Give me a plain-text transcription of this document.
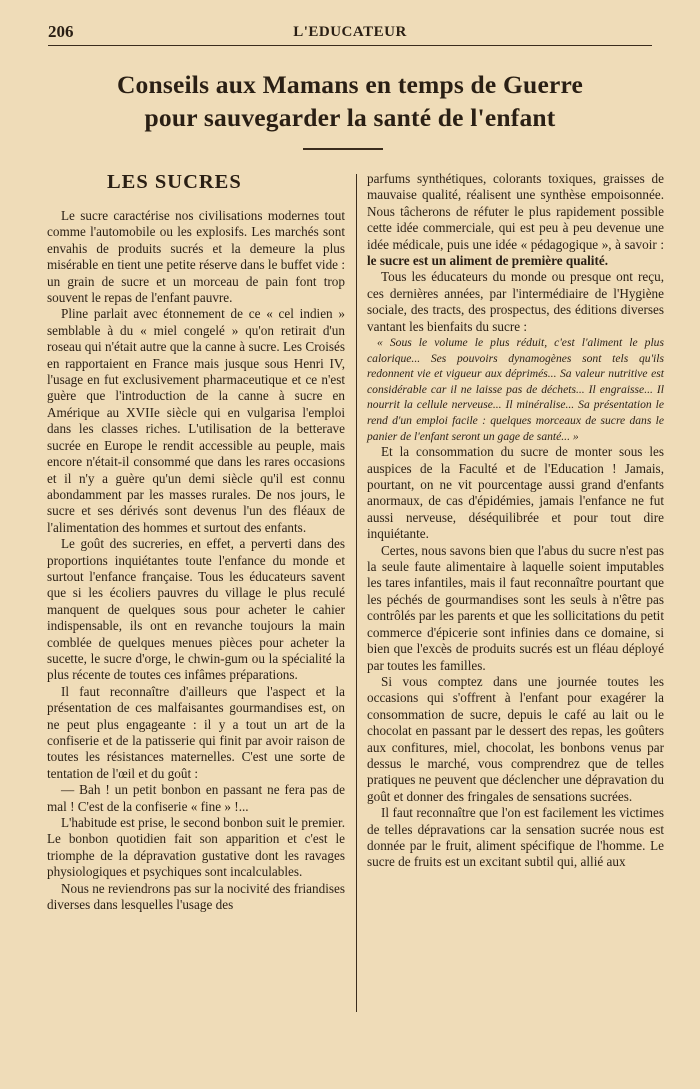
206	L'EDUCATEUR
Conseils aux Mamans en temps de Guerre
pour sauvegarder la santé de l'enfant
LES SUCRES

Le sucre caractérise nos civilisations modernes tout comme l'automobile ou les explosifs. Les marchés sont envahis de produits sucrés et la demeure la plus misérable en tient une petite réserve dans le buffet vide : un grain de sucre et un morceau de pain font trop souvent le repas de l'enfant pauvre.

Pline parlait avec étonnement de ce « cel indien » semblable à du « miel congelé » qu'on retirait d'un roseau qui n'était autre que la canne à sucre. Les Croisés en rapportaient en France mais jusque sous Henri IV, l'usage en fut exclusivement pharmaceutique et ce n'est guère que l'introduction de la canne à sucre en Amérique au XVIIe siècle qui en vulgarisa l'emploi dans les classes riches. L'utilisation de la betterave sucrée en Europe le rendit accessible au peuple, mais encore n'était-il consommé que dans les rares occasions et il n'y a guère qu'un demi siècle qu'il est connu abondamment par les masses rurales. De nos jours, le sucre et ses dérivés sont devenus l'un des fléaux de l'alimentation des hommes et surtout des enfants.

Le goût des sucreries, en effet, a perverti dans des proportions inquiétantes toute l'enfance du monde et surtout l'enfance française. Tous les éducateurs savent que si les écoliers pauvres du village le plus reculé manquent de quelques sous pour acheter le cahier indispensable, ils ont en revanche toujours la main comblée de quelques menues pièces pour acheter la sucette, le sucre d'orge, le chwin-gum ou la spécialité la plus récente de toutes ces infâmes préparations.

Il faut reconnaître d'ailleurs que l'aspect et la présentation de ces malfaisantes gourmandises est, on ne peut plus engageante : il y a tout un art de la confiserie et de la patisserie qui finit par avoir raison de toutes les résistances maternelles. C'est une sorte de tentation de l'œil et du goût :

— Bah ! un petit bonbon en passant ne fera pas de mal ! C'est de la confiserie « fine » !...

L'habitude est prise, le second bonbon suit le premier. Le bonbon quotidien fait son apparition et c'est le triomphe de la dépravation gustative dont les ravages physiologiques et psychiques sont incalculables.

Nous ne reviendrons pas sur la nocivité des friandises diverses dans lesquelles l'usage des

parfums synthétiques, colorants toxiques, graisses de mauvaise qualité, réalisent une synthèse empoisonnée. Nous tâcherons de réfuter le plus rapidement possible cette idée commerciale, qui est peu à peu devenue une idée médicale, puis une idée « pédagogique », à savoir : le sucre est un aliment de première qualité.

Tous les éducateurs du monde ou presque ont reçu, ces dernières années, par l'intermédiaire de l'Hygiène sociale, des tracts, des prospectus, des éditions diverses vantant les bienfaits du sucre :

« Sous le volume le plus réduit, c'est l'aliment le plus calorique... Ses pouvoirs dynamogènes sont tels qu'ils redonnent vie et vigueur aux déprimés... Sa valeur nutritive est considérable car il ne laisse pas de déchets... Il engraisse... Il nourrit la cellule nerveuse... Il minéralise... Sa présentation le rend d'un emploi facile : quelques morceaux de sucre dans le panier de l'enfant seront un gage de santé... »

Et la consommation du sucre de monter sous les auspices de la Faculté et de l'Education ! Jamais, pourtant, on ne vit pourcentage aussi grand d'enfants anormaux, de cas d'épidémies, jamais l'enfance ne fut aussi nerveuse, déséquilibrée et pour tout dire inquiétante.

Certes, nous savons bien que l'abus du sucre n'est pas la seule faute alimentaire à laquelle soient imputables les tares infantiles, mais il faut reconnaître pourtant que les péchés de gourmandises sont les seuls à n'être pas contrôlés par les parents et que les sollicitations du petit commerce d'épicerie sont infinies dans ce domaine, si bien que l'excès de produits sucrés est un fléau déployé par toutes les familles.

Si vous comptez dans une journée toutes les occasions qui s'offrent à l'enfant pour exagérer la consommation de sucre, depuis le café au lait ou le chocolat en passant par le dessert des repas, les goûters aux confitures, miel, chocolat, les bonbons venus par dessus le marché, vous comprendrez que de telles pratiques ne peuvent que déclencher une dépravation du goût et donner des fringales de sensations sucrées.

Il faut reconnaître que l'on est facilement les victimes de telles dépravations car la sensation sucrée nous est donnée par le fruit, aliment spécifique de l'homme. Le sucre de fruits est un excitant subtil qui, allié aux
